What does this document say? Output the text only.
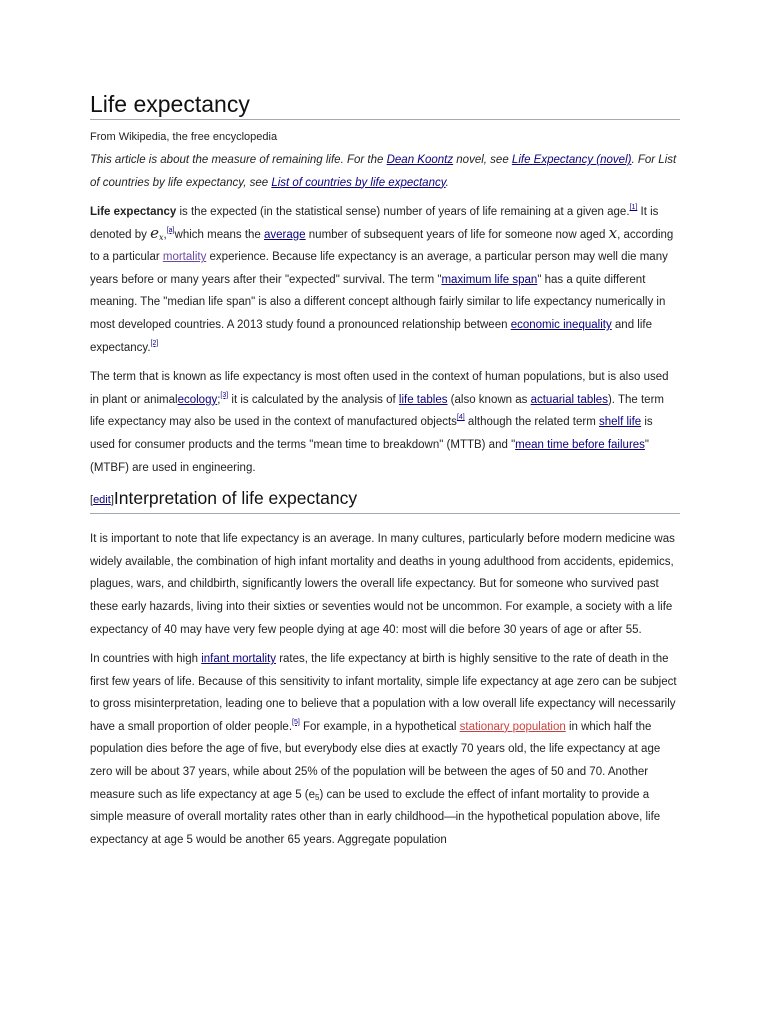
Life expectancy
From Wikipedia, the free encyclopedia
This article is about the measure of remaining life. For the Dean Koontz novel, see Life Expectancy (novel). For List of countries by life expectancy, see List of countries by life expectancy.

Life expectancy is the expected (in the statistical sense) number of years of life remaining at a given age.[1] It is denoted by $e_x,[a]which$ means the average number of subsequent years of life for someone now aged x, according to a particular mortality experience. Because life expectancy is an average, a particular person may well die many years before or many years after their "expected" survival. The term "maximum life span" has a quite different meaning. The "median life span" is also a different concept although fairly similar to life expectancy numerically in most developed countries. A 2013 study found a pronounced relationship between economic inequality and life expectancy.[2]

The term that is known as life expectancy is most often used in the context of human populations, but is also used in plant or animalecology;[3] it is calculated by the analysis of life tables (also known as actuarial tables). The term life expectancy may also be used in the context of manufactured objects[4] although the related term shelf life is used for consumer products and the terms "mean time to breakdown" (MTTB) and "mean time before failures" (MTBF) are used in engineering.

[edit]Interpretation of life expectancy

It is important to note that life expectancy is an average. In many cultures, particularly before modern medicine was widely available, the combination of high infant mortality and deaths in young adulthood from accidents, epidemics, plagues, wars, and childbirth, significantly lowers the overall life expectancy. But for someone who survived past these early hazards, living into their sixties or seventies would not be uncommon. For example, a society with a life expectancy of 40 may have very few people dying at age 40: most will die before 30 years of age or after 55.

In countries with high infant mortality rates, the life expectancy at birth is highly sensitive to the rate of death in the first few years of life. Because of this sensitivity to infant mortality, simple life expectancy at age zero can be subject to gross misinterpretation, leading one to believe that a population with a low overall life expectancy will necessarily have a small proportion of older people.[5] For example, in a hypothetical stationary population in which half the population dies before the age of five, but everybody else dies at exactly 70 years old, the life expectancy at age zero will be about 37 years, while about 25% of the population will be between the ages of 50 and 70. Another measure such as life expectancy at age 5 $(e_5)$ can be used to exclude the effect of infant mortality to provide a simple measure of overall mortality rates other than in early childhood—in the hypothetical population above, life expectancy at age 5 would be another 65 years. Aggregate population
